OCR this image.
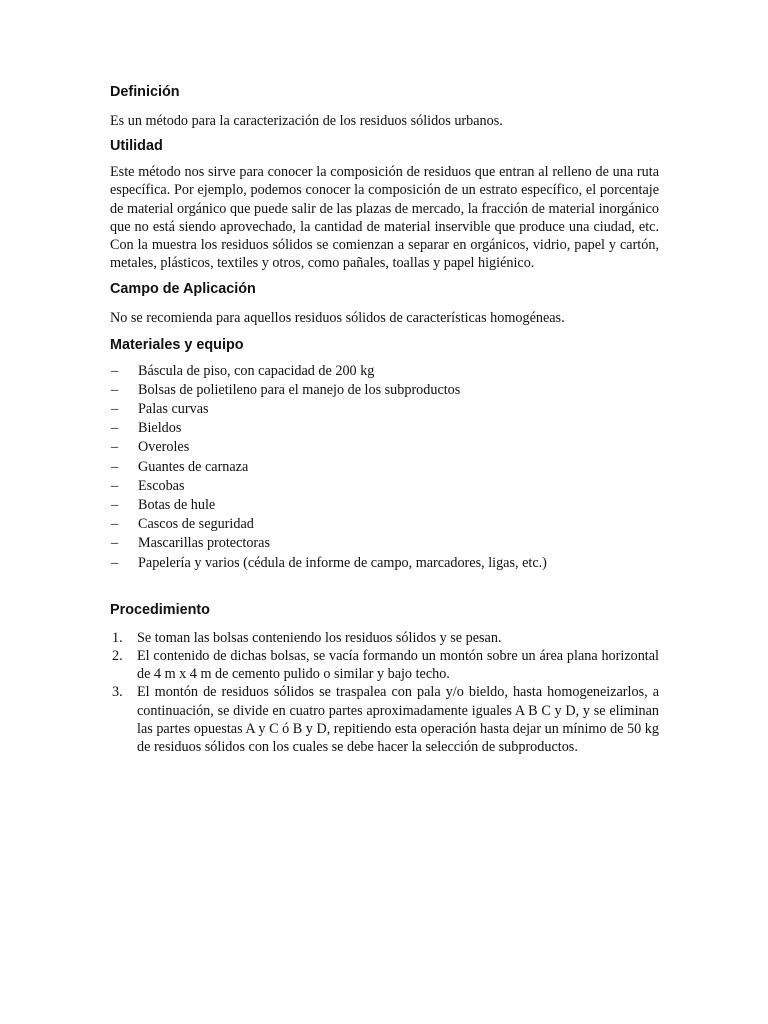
Definición

Es un método para la caracterización de los residuos sólidos urbanos.

Utilidad

Este método nos sirve para conocer la composición de residuos que entran al relleno de una ruta específica. Por ejemplo, podemos conocer la composición de un estrato específico, el porcentaje de material orgánico que puede salir de las plazas de mercado, la fracción de material inorgánico que no está siendo aprovechado, la cantidad de material inservible que produce una ciudad, etc. Con la muestra los residuos sólidos se comienzan a separar en orgánicos, vidrio, papel y cartón, metales, plásticos, textiles y otros, como pañales, toallas y papel higiénico.

Campo de Aplicación

No se recomienda para aquellos residuos sólidos de características homogéneas.

Materiales y equipo
– Báscula de piso, con capacidad de 200 kg
– Bolsas de polietileno para el manejo de los subproductos
– Palas curvas
– Bieldos
– Overoles
– Guantes de carnaza
– Escobas
– Botas de hule
– Cascos de seguridad
– Mascarillas protectoras
– Papelería y varios (cédula de informe de campo, marcadores, ligas, etc.)
Procedimiento
1. Se toman las bolsas conteniendo los residuos sólidos y se pesan.
2. El contenido de dichas bolsas, se vacía formando un montón sobre un área plana horizontal de 4 m x 4 m de cemento pulido o similar y bajo techo.
3. El montón de residuos sólidos se traspalea con pala y/o bieldo, hasta homogeneizarlos, a continuación, se divide en cuatro partes aproximadamente iguales A B C y D, y se eliminan las partes opuestas A y C ó B y D, repitiendo esta operación hasta dejar un mínimo de 50 kg de residuos sólidos con los cuales se debe hacer la selección de subproductos.
